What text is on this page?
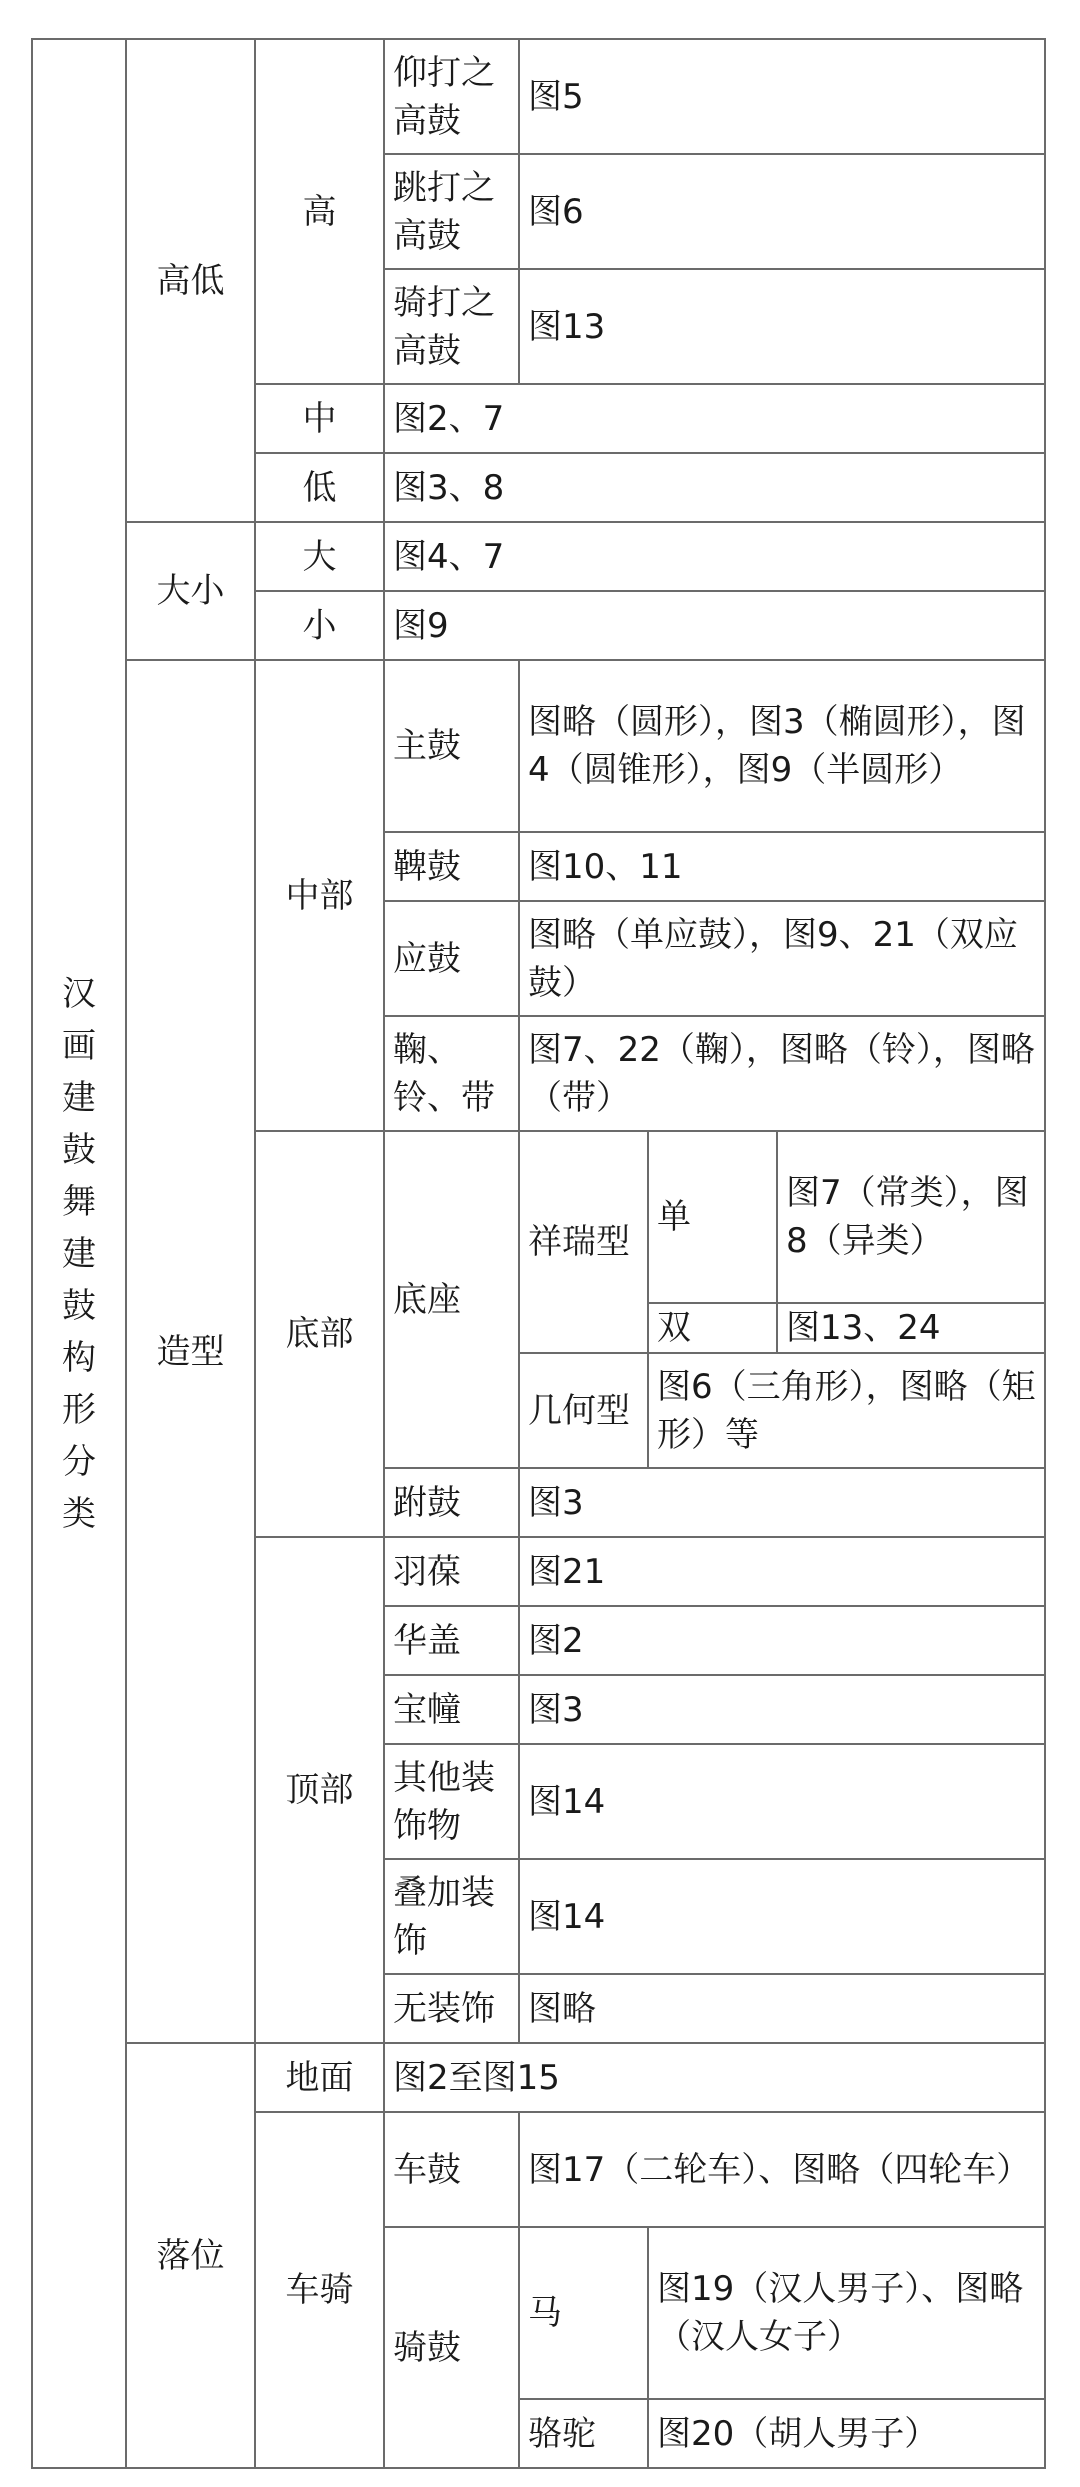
汉画建鼓舞建鼓构形分类	高低	高	仰打之高鼓	图5		
			跳打之高鼓	图6		
			骑打之高鼓	图13		
		中	图2、7			

		低	图3、8			

	大小	大	图4、7			
		小	图9			
	造型	中部	主鼓	图略（圆形），图3（椭圆形），图4（圆锥形），图9（半圆形）		
			鞞鼓	图10、11		
			应鼓	图略（单应鼓），图9、21（双应鼓）		
			鞠、铃、带	图7、22（鞠），图略（铃），图略（带）		
		底部	底座	祥瑞型	单	图7（常类），图8（异类）
					双	图13、24
				几何型	图6（三角形），图略（矩形）等	
			跗鼓	图3		
		顶部	羽葆	图21		
			华盖	图2		
			宝幢	图3		
			其他装饰物	图14		
			叠加装饰	图14		
			无装饰	图略		

	落位	地面	图2至图15			
		车骑	车鼓	图17（二轮车）、图略（四轮车）		
			骑鼓	马	图19（汉人男子）、图略（汉人女子）	
				骆驼	图20（胡人男子）	
